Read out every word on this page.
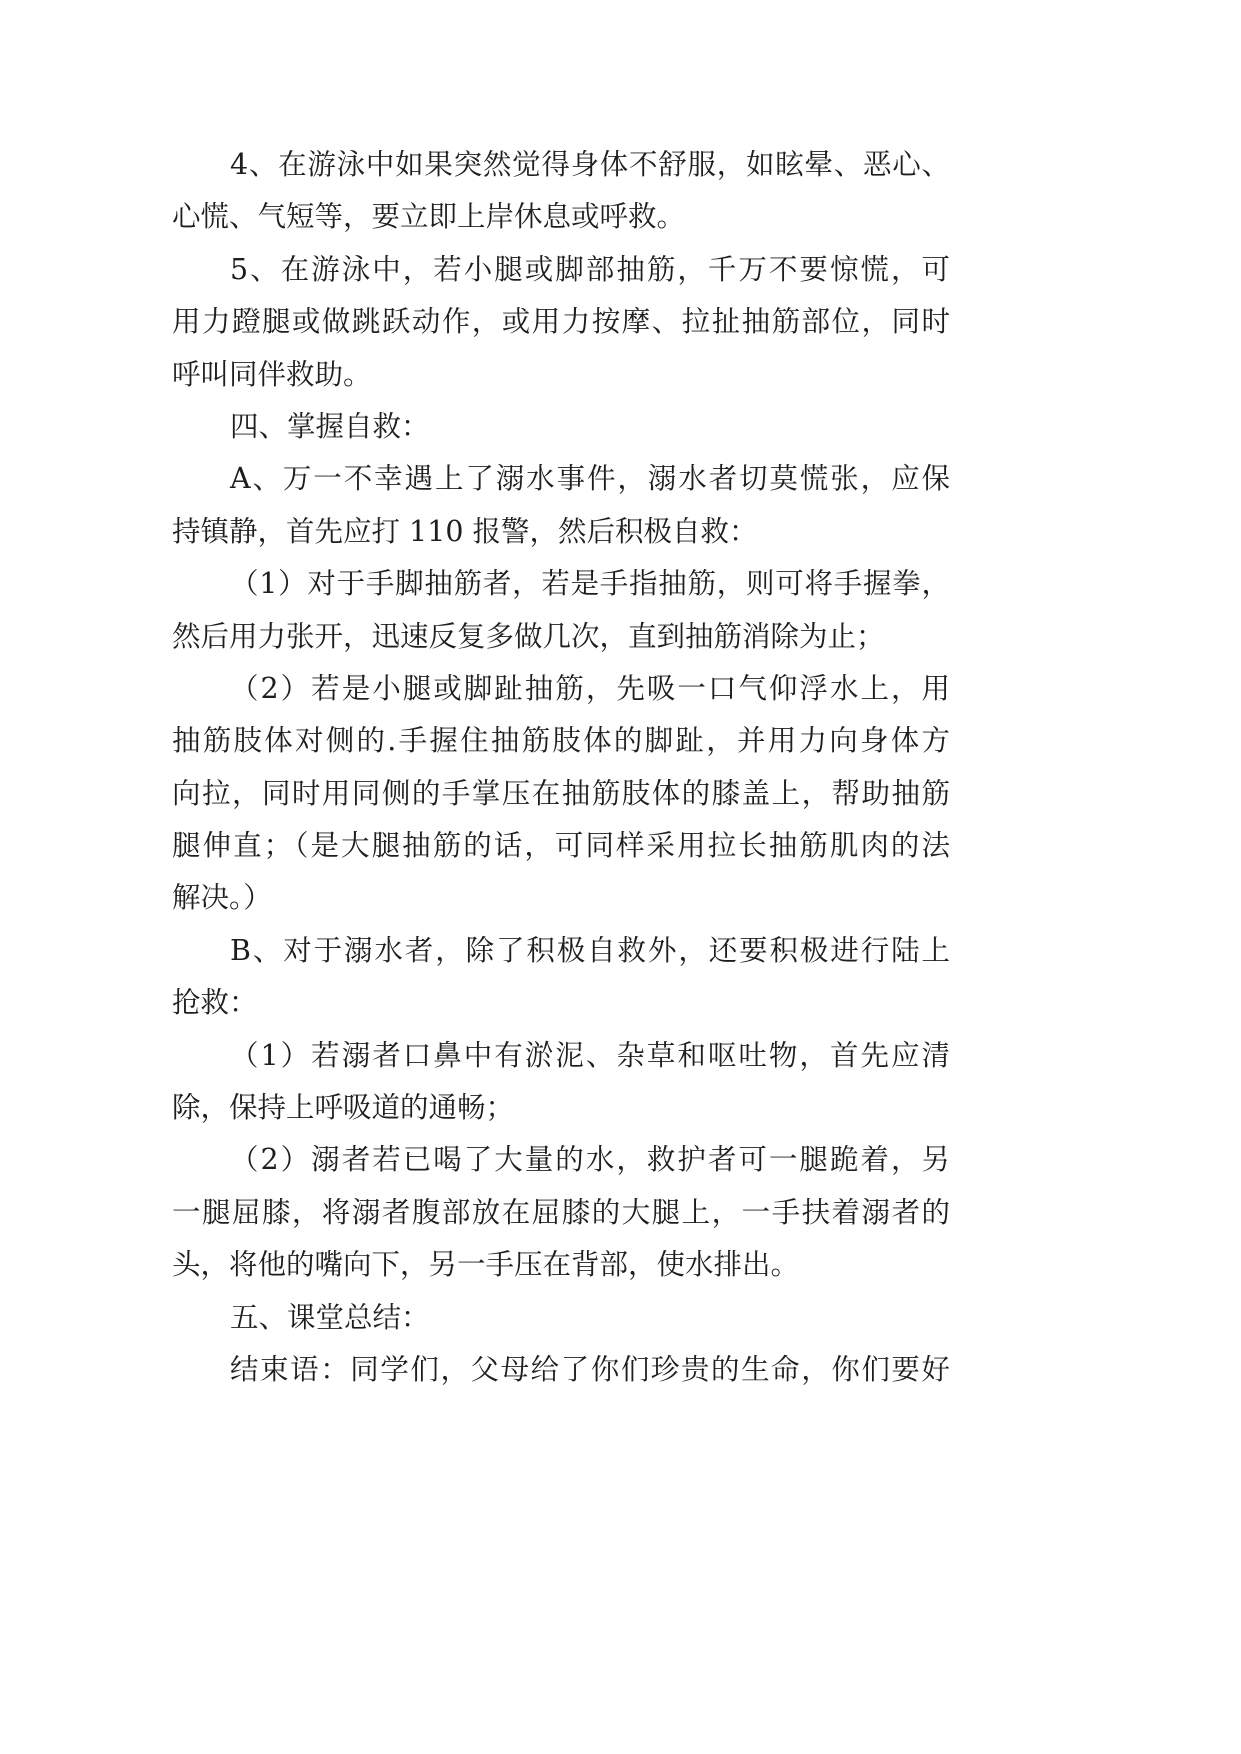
4、在游泳中如果突然觉得身体不舒服，如眩晕、恶心、
心慌、气短等，要立即上岸休息或呼救。
5、在游泳中，若小腿或脚部抽筋，千万不要惊慌，可
用力蹬腿或做跳跃动作，或用力按摩、拉扯抽筋部位，同时
呼叫同伴救助。
四、掌握自救：
A、万一不幸遇上了溺水事件，溺水者切莫慌张，应保
持镇静，首先应打 110 报警，然后积极自救：
（1）对于手脚抽筋者，若是手指抽筋，则可将手握拳，
然后用力张开，迅速反复多做几次，直到抽筋消除为止；
（2）若是小腿或脚趾抽筋，先吸一口气仰浮水上，用
抽筋肢体对侧的.手握住抽筋肢体的脚趾，并用力向身体方
向拉，同时用同侧的手掌压在抽筋肢体的膝盖上，帮助抽筋
腿伸直；（是大腿抽筋的话，可同样采用拉长抽筋肌肉的法
解决。）
B、对于溺水者，除了积极自救外，还要积极进行陆上
抢救：
（1）若溺者口鼻中有淤泥、杂草和呕吐物，首先应清
除，保持上呼吸道的通畅；
（2）溺者若已喝了大量的水，救护者可一腿跪着，另
一腿屈膝，将溺者腹部放在屈膝的大腿上，一手扶着溺者的
头，将他的嘴向下，另一手压在背部，使水排出。
五、课堂总结：
结束语：同学们，父母给了你们珍贵的生命，你们要好
